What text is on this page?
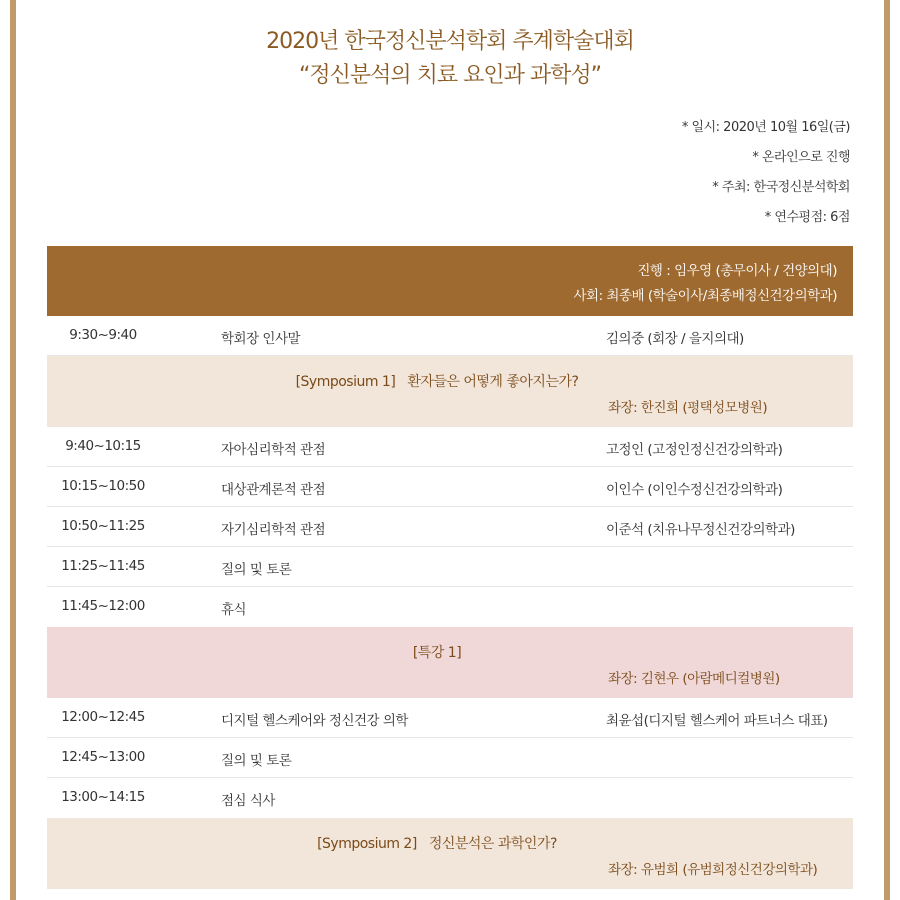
2020년 한국정신분석학회 추계학술대회
“정신분석의 치료 요인과 과학성”
* 일시: 2020년 10월 16일(금)
* 온라인으로 진행
* 주최: 한국정신분석학회
* 연수평점: 6점
진행 : 임우영 (총무이사 / 건양의대)
사회: 최종배 (학술이사/최종배정신건강의학과)
9:30~9:40	학회장 인사말	김의중 (회장 / 을지의대)
[Symposium 1] 환자들은 어떻게 좋아지는가?
좌장: 한진희 (평택성모병원)
9:40~10:15	자아심리학적 관점	고정인 (고정인정신건강의학과)
10:15~10:50	대상관계론적 관점	이인수 (이인수정신건강의학과)
10:50~11:25	자기심리학적 관점	이준석 (치유나무정신건강의학과)
11:25~11:45	질의 및 토론
11:45~12:00	휴식
[특강 1]
좌장: 김현우 (아람메디컬병원)
12:00~12:45	디지털 헬스케어와 정신건강 의학	최윤섭(디지털 헬스케어 파트너스 대표)
12:45~13:00	질의 및 토론
13:00~14:15	점심 식사
[Symposium 2] 정신분석은 과학인가?
좌장: 유범희 (유범희정신건강의학과)
